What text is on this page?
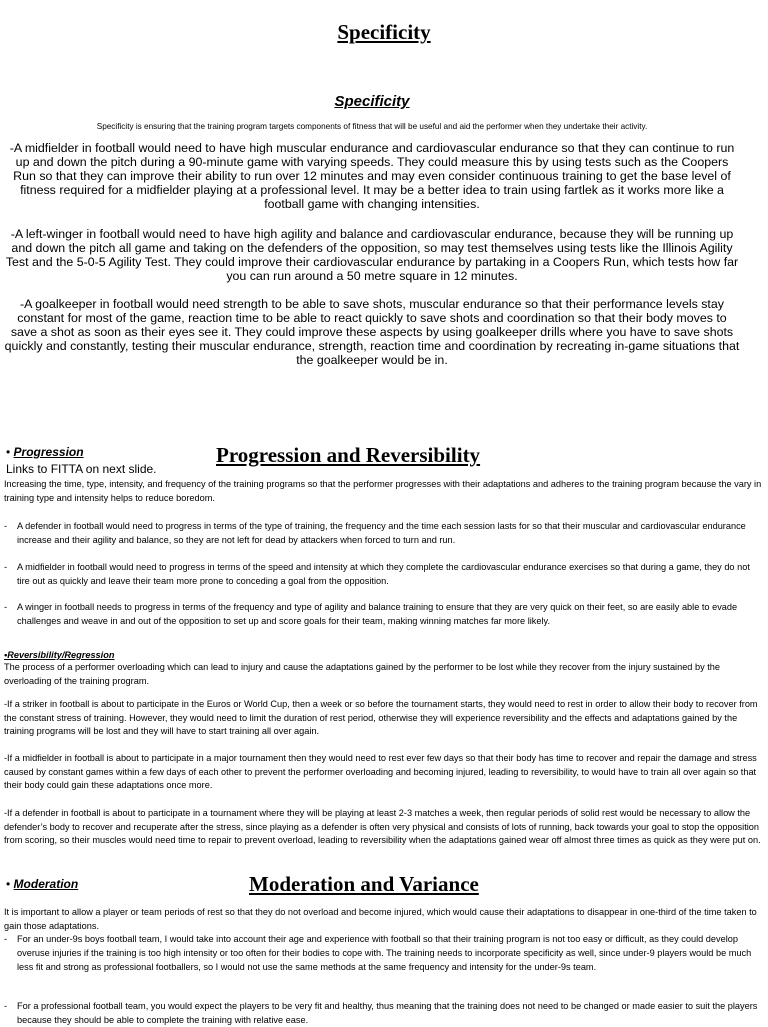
Specificity
Specificity
Specificity is ensuring that the training program targets components of fitness that will be useful and aid the performer when they undertake their activity.

-A midfielder in football would need to have high muscular endurance and cardiovascular endurance so that they can continue to run up and down the pitch during a 90-minute game with varying speeds. They could measure this by using tests such as the Coopers Run so that they can improve their ability to run over 12 minutes and may even consider continuous training to get the base level of fitness required for a midfielder playing at a professional level. It may be a better idea to train using fartlek as it works more like a football game with changing intensities.

-A left-winger in football would need to have high agility and balance and cardiovascular endurance, because they will be running up and down the pitch all game and taking on the defenders of the opposition, so may test themselves using tests like the Illinois Agility Test and the 5-0-5 Agility Test. They could improve their cardiovascular endurance by partaking in a Coopers Run, which tests how far you can run around a 50 metre square in 12 minutes.

-A goalkeeper in football would need strength to be able to save shots, muscular endurance so that their performance levels stay constant for most of the game, reaction time to be able to react quickly to save shots and coordination so that their body moves to save a shot as soon as their eyes see it. They could improve these aspects by using goalkeeper drills where you have to save shots quickly and constantly, testing their muscular endurance, strength, reaction time and coordination by recreating in-game situations that the goalkeeper would be in.

• Progression	Progression and Reversibility
Links to FITTA on next slide.

Increasing the time, type, intensity, and frequency of the training programs so that the performer progresses with their adaptations and adheres to the training program because the vary in training type and intensity helps to reduce boredom.

- A defender in football would need to progress in terms of the type of training, the frequency and the time each session lasts for so that their muscular and cardiovascular endurance increase and their agility and balance, so they are not left for dead by attackers when forced to turn and run.
- A midfielder in football would need to progress in terms of the speed and intensity at which they complete the cardiovascular endurance exercises so that during a game, they do not tire out as quickly and leave their team more prone to conceding a goal from the opposition.
- A winger in football needs to progress in terms of the frequency and type of agility and balance training to ensure that they are very quick on their feet, so are easily able to evade challenges and weave in and out of the opposition to set up and score goals for their team, making winning matches far more likely.
•Reversibility/Regression

The process of a performer overloading which can lead to injury and cause the adaptations gained by the performer to be lost while they recover from the injury sustained by the overloading of the training program.

-If a striker in football is about to participate in the Euros or World Cup, then a week or so before the tournament starts, they would need to rest in order to allow their body to recover from the constant stress of training. However, they would need to limit the duration of rest period, otherwise they will experience reversibility and the effects and adaptations gained by the training programs will be lost and they will have to start training all over again.

-If a midfielder in football is about to participate in a major tournament then they would need to rest ever few days so that their body has time to recover and repair the damage and stress caused by constant games within a few days of each other to prevent the performer overloading and becoming injured, leading to reversibility, to would have to train all over again so that their body could gain these adaptations once more.

-If a defender in football is about to participate in a tournament where they will be playing at least 2-3 matches a week, then regular periods of solid rest would be necessary to allow the defender’s body to recover and recuperate after the stress, since playing as a defender is often very physical and consists of lots of running, back towards your goal to stop the opposition from scoring, so their muscles would need time to repair to prevent overload, leading to reversibility when the adaptations gained wear off almost three times as quick as they were put on.

• Moderation	Moderation and Variance

It is important to allow a player or team periods of rest so that they do not overload and become injured, which would cause their adaptations to disappear in one-third of the time taken to gain those adaptations.

- For an under-9s boys football team, I would take into account their age and experience with football so that their training program is not too easy or difficult, as they could develop overuse injuries if the training is too high intensity or too often for their bodies to cope with. The training needs to incorporate specificity as well, since under-9 players would be much less fit and strong as professional footballers, so I would not use the same methods at the same frequency and intensity for the under-9s team.
- For a professional football team, you would expect the players to be very fit and healthy, thus meaning that the training does not need to be changed or made easier to suit the players because they should be able to complete the training with relative ease.
